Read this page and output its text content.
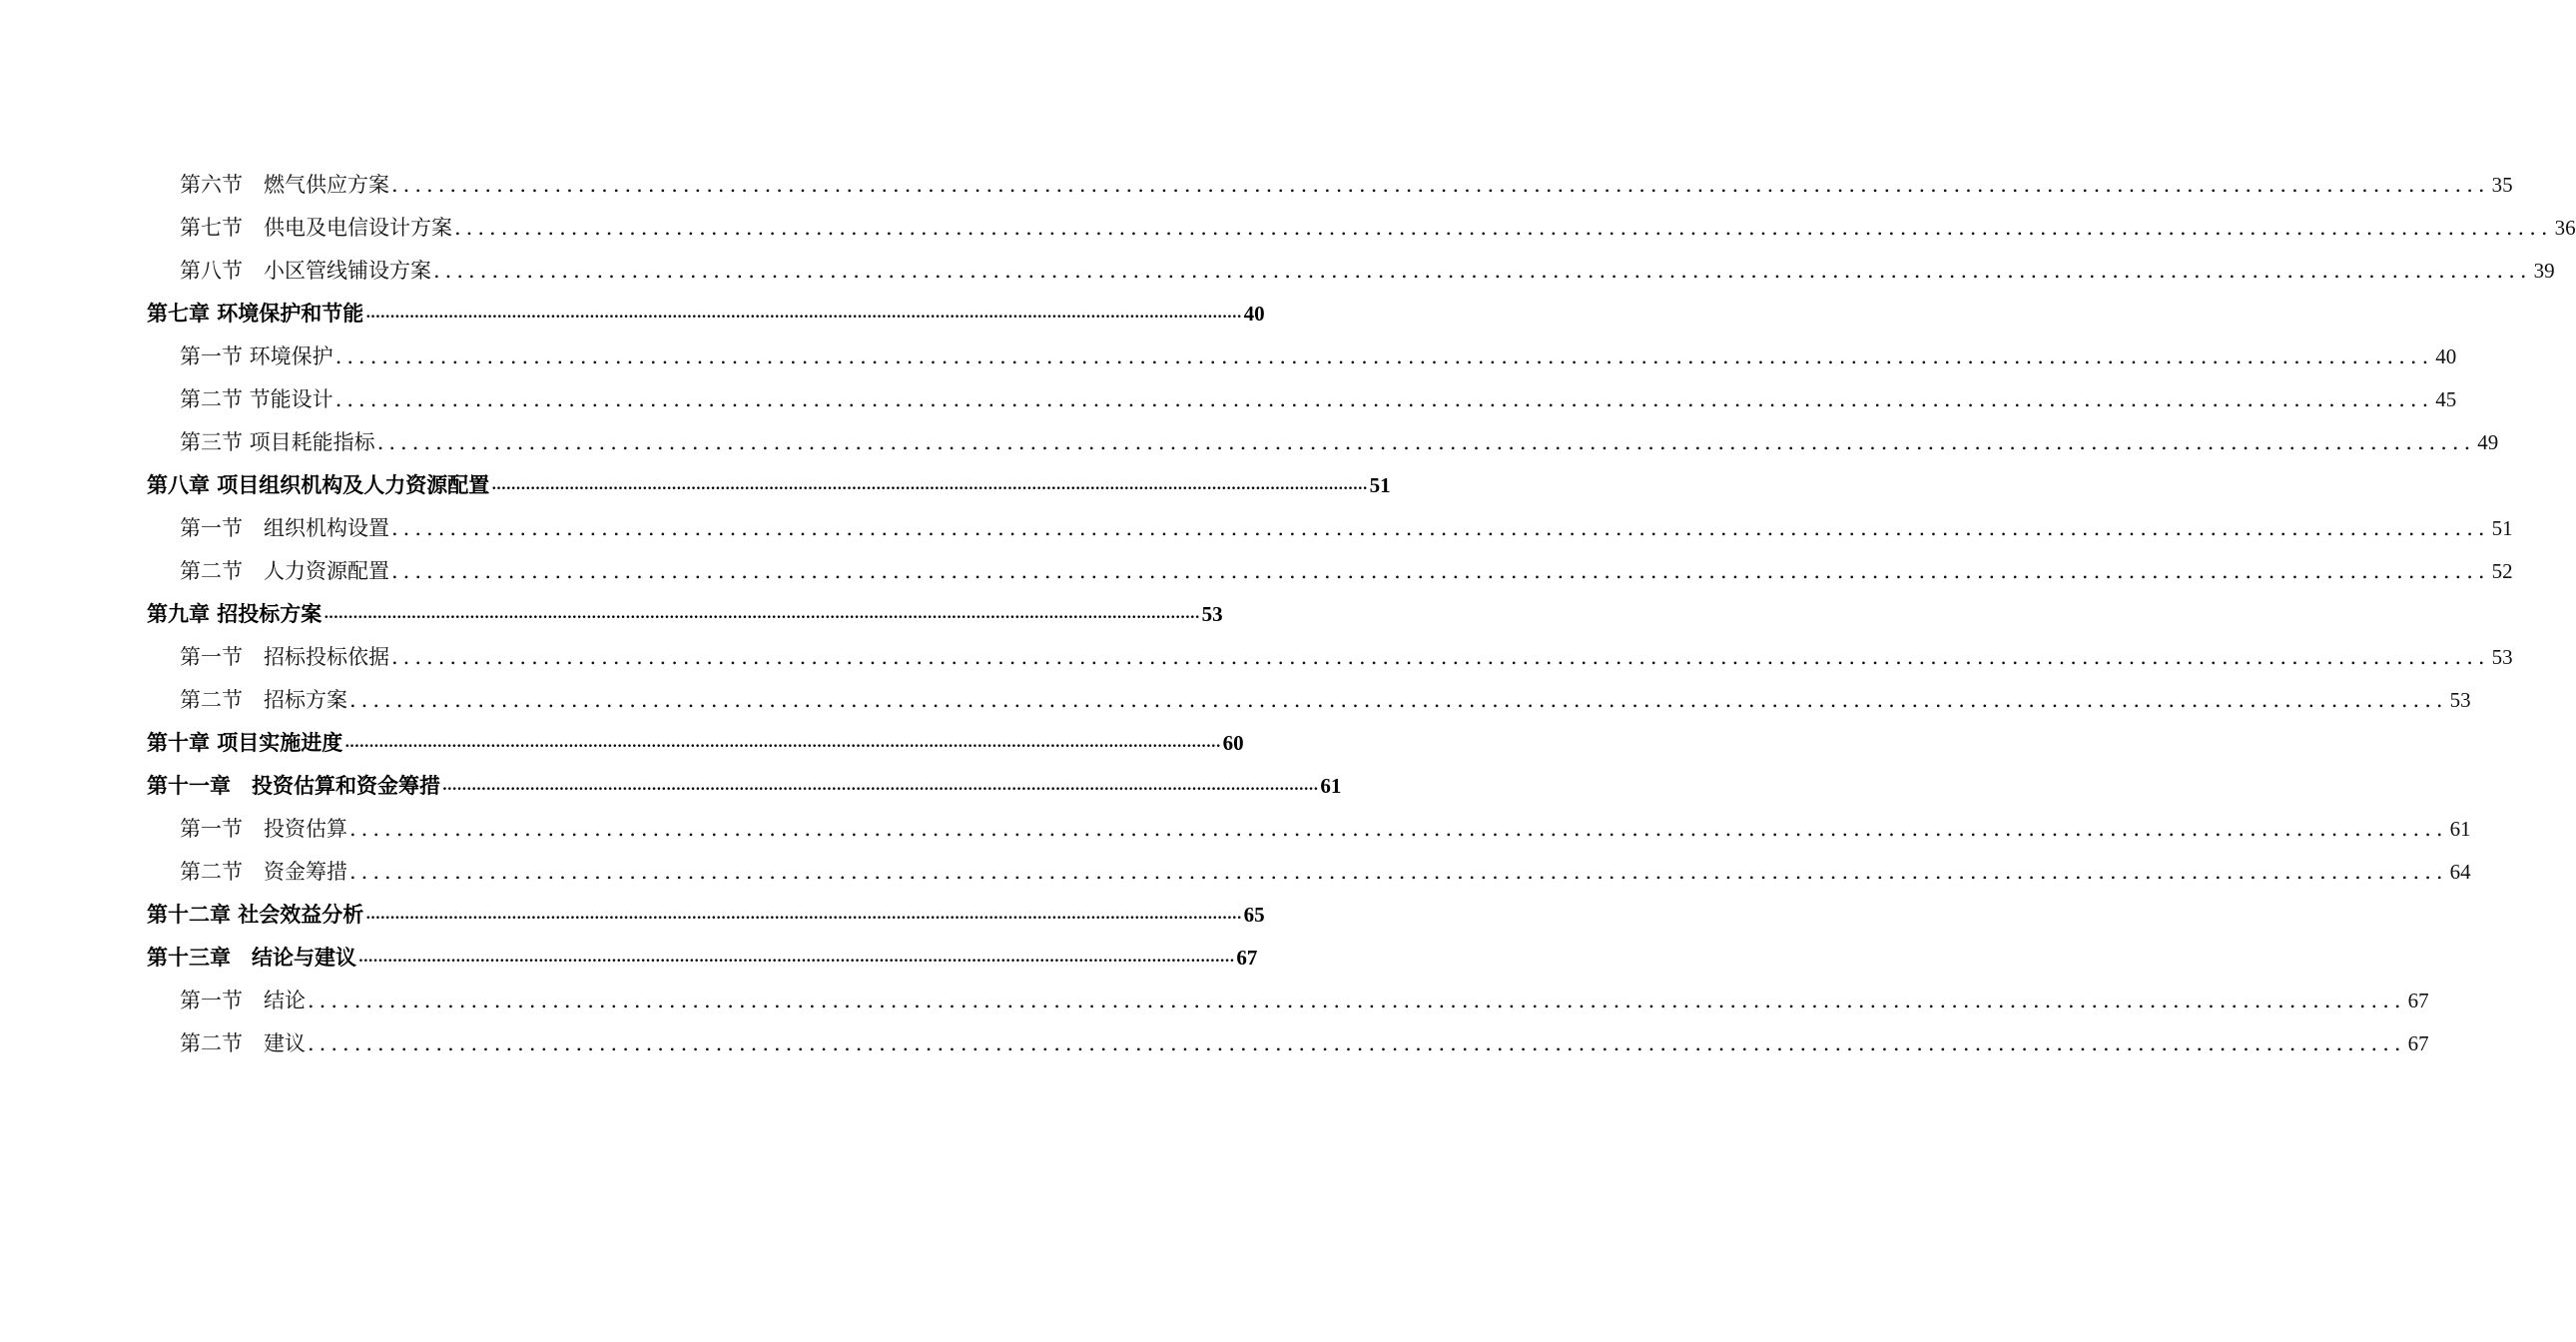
第六节　燃气供应方案 .................................................................................................................................................................................... 35
第七节　供电及电信设计方案 .................................................................................................................................................................................... 36
第八节　小区管线铺设方案 .................................................................................................................................................................................... 39
第七章 环境保护和节能 .................................................................................................................................................................................... 40
第一节 环境保护 .................................................................................................................................................................................... 40
第二节 节能设计 .................................................................................................................................................................................... 45
第三节 项目耗能指标 .................................................................................................................................................................................... 49
第八章 项目组织机构及人力资源配置 .................................................................................................................................................................................... 51
第一节　组织机构设置 .................................................................................................................................................................................... 51
第二节　人力资源配置 .................................................................................................................................................................................... 52
第九章 招投标方案 .................................................................................................................................................................................... 53
第一节　招标投标依据 .................................................................................................................................................................................... 53
第二节　招标方案 .................................................................................................................................................................................... 53
第十章 项目实施进度 .................................................................................................................................................................................... 60
第十一章　投资估算和资金筹措 .................................................................................................................................................................................... 61
第一节　投资估算 .................................................................................................................................................................................... 61
第二节　资金筹措 .................................................................................................................................................................................... 64
第十二章 社会效益分析 .................................................................................................................................................................................... 65
第十三章　结论与建议 .................................................................................................................................................................................... 67
第一节　结论 .................................................................................................................................................................................... 67
第二节　建议 .................................................................................................................................................................................... 67
